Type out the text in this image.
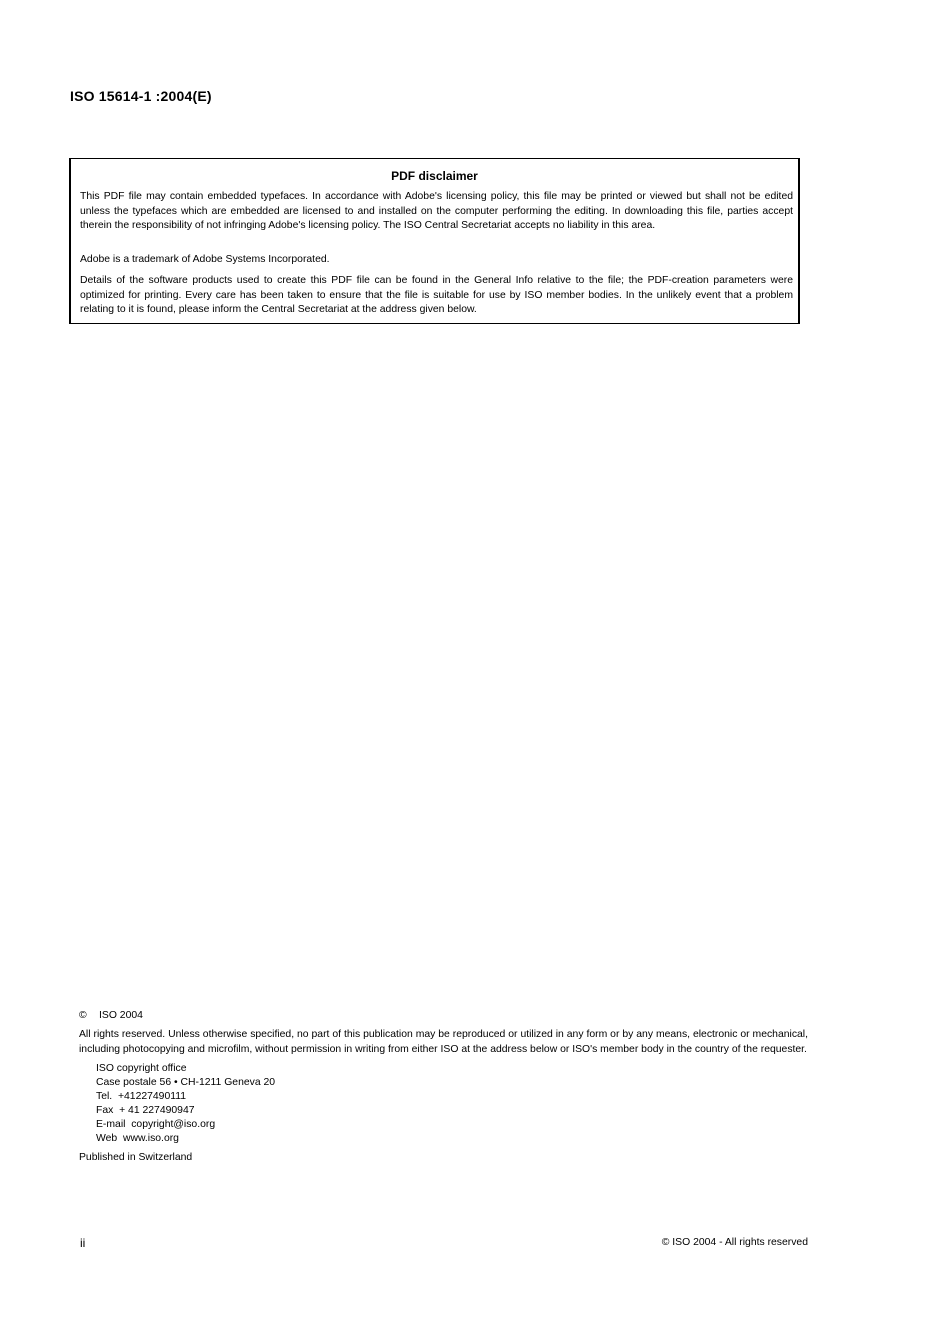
ISO 15614-1 :2004(E)
PDF disclaimer

This PDF file may contain embedded typefaces. In accordance with Adobe's licensing policy, this file may be printed or viewed but shall not be edited unless the typefaces which are embedded are licensed to and installed on the computer performing the editing. In downloading this file, parties accept therein the responsibility of not infringing Adobe's licensing policy. The ISO Central Secretariat accepts no liability in this area.

Adobe is a trademark of Adobe Systems Incorporated.

Details of the software products used to create this PDF file can be found in the General Info relative to the file; the PDF-creation parameters were optimized for printing. Every care has been taken to ensure that the file is suitable for use by ISO member bodies. In the unlikely event that a problem relating to it is found, please inform the Central Secretariat at the address given below.

© ISO 2004

All rights reserved. Unless otherwise specified, no part of this publication may be reproduced or utilized in any form or by any means, electronic or mechanical, including photocopying and microfilm, without permission in writing from either ISO at the address below or ISO's member body in the country of the requester.

ISO copyright office
Case postale 56 • CH-1211 Geneva 20
Tel.  +41227490111
Fax  + 41 227490947
E-mail  copyright@iso.org
Web  www.iso.org

Published in Switzerland

ii	© ISO 2004 - All rights reserved
